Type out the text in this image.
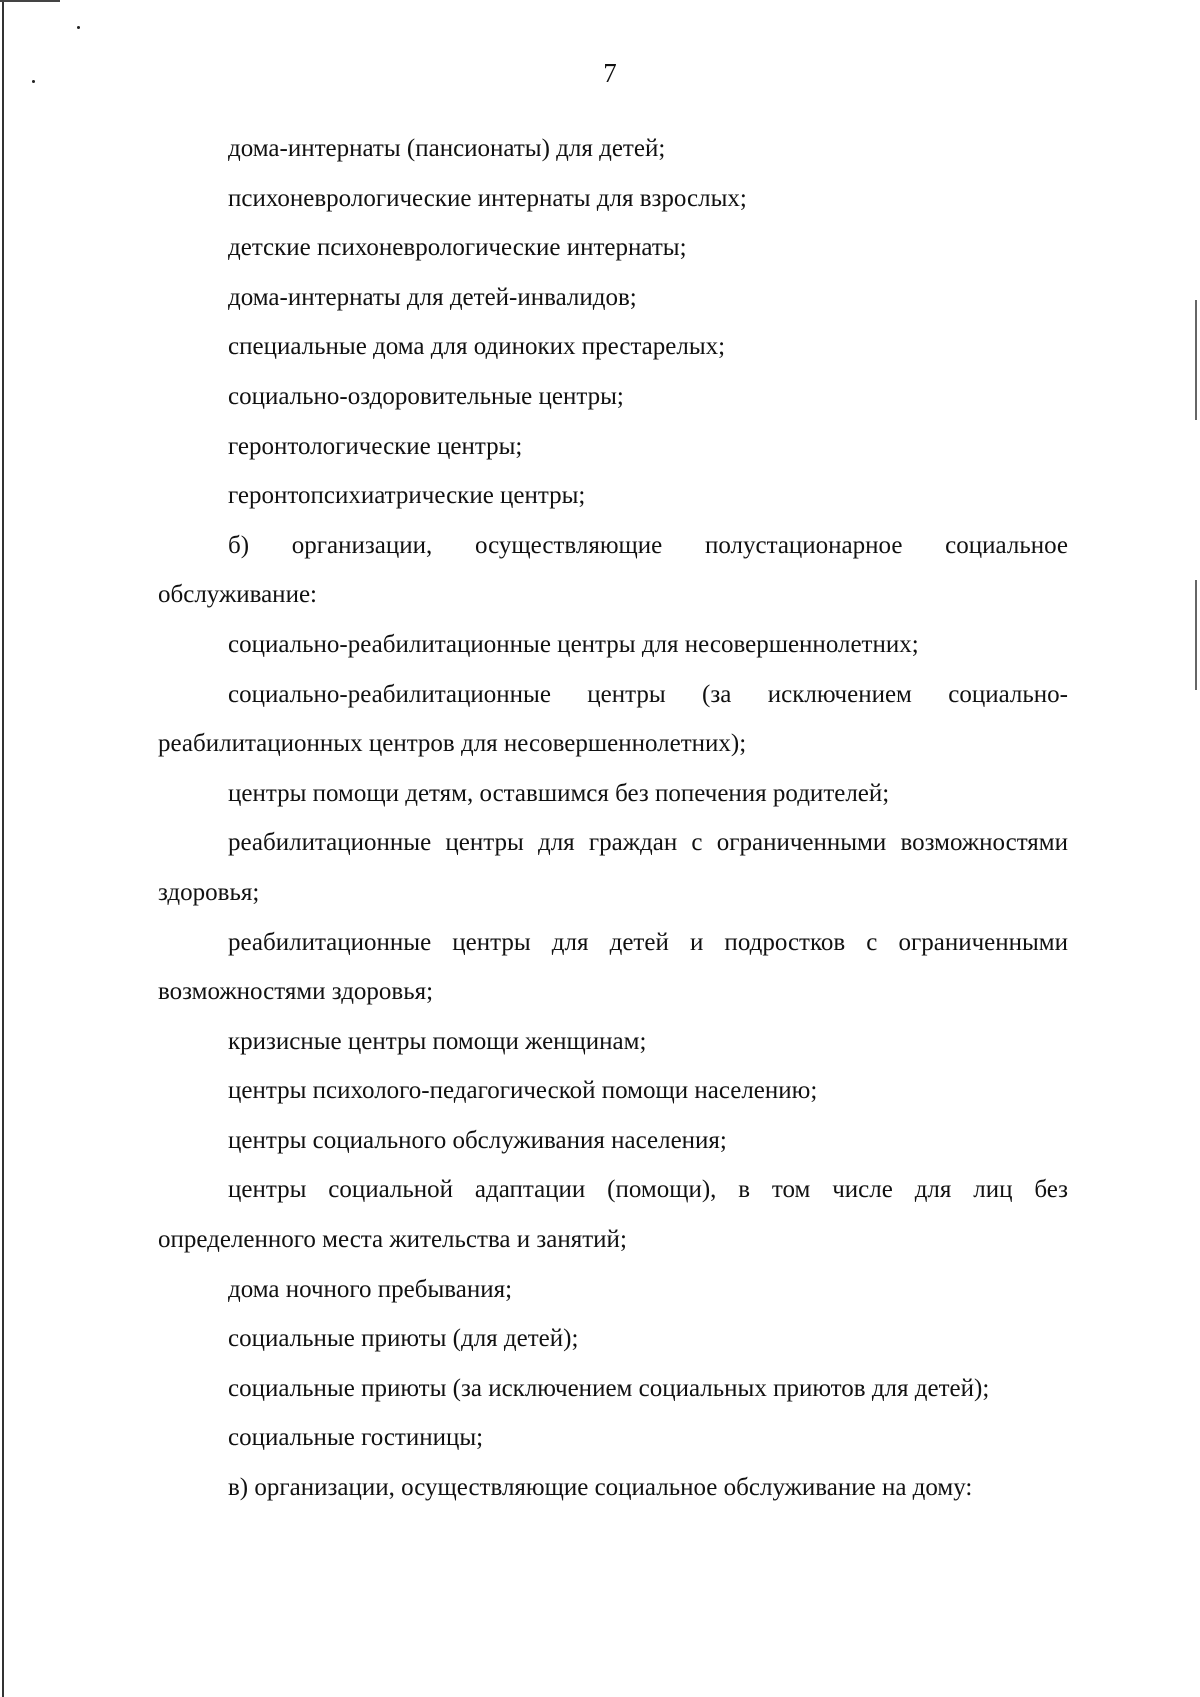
7

дома-интернаты (пансионаты) для детей;

психоневрологические интернаты для взрослых;

детские психоневрологические интернаты;

дома-интернаты для детей-инвалидов;

специальные дома для одиноких престарелых;

социально-оздоровительные центры;

геронтологические центры;

геронтопсихиатрические центры;

б) организации, осуществляющие полустационарное социальное обслуживание:

социально-реабилитационные центры для несовершеннолетних;

социально-реабилитационные центры (за исключением социально-реабилитационных центров для несовершеннолетних);

центры помощи детям, оставшимся без попечения родителей;

реабилитационные центры для граждан с ограниченными возможностями здоровья;

реабилитационные центры для детей и подростков с ограниченными возможностями здоровья;

кризисные центры помощи женщинам;

центры психолого-педагогической помощи населению;

центры социального обслуживания населения;

центры социальной адаптации (помощи), в том числе для лиц без определенного места жительства и занятий;

дома ночного пребывания;

социальные приюты (для детей);

социальные приюты (за исключением социальных приютов для детей);

социальные гостиницы;

в) организации, осуществляющие социальное обслуживание на дому:
